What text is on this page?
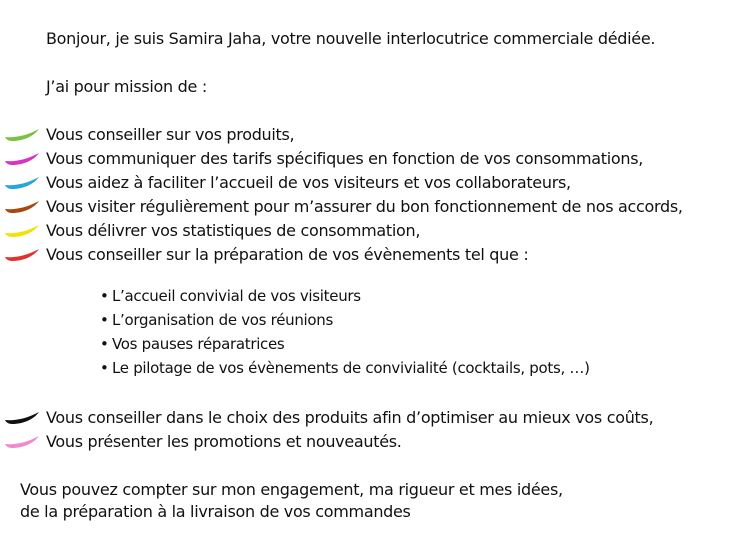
Bonjour, je suis Samira Jaha, votre nouvelle interlocutrice commerciale dédiée.
J’ai pour mission de :
Vous conseiller sur vos produits,
Vous communiquer des tarifs spécifiques en fonction de vos consommations,
Vous aidez à faciliter l’accueil de vos visiteurs et vos collaborateurs,
Vous visiter régulièrement pour m’assurer du bon fonctionnement de nos accords,
Vous délivrer vos statistiques de consommation,
Vous conseiller sur la préparation de vos évènements tel que :
• L’accueil convivial de vos visiteurs
• L’organisation de vos réunions
• Vos pauses réparatrices
• Le pilotage de vos évènements de convivialité (cocktails, pots, …)
Vous conseiller dans le choix des produits afin d’optimiser au mieux vos coûts,
Vous présenter les promotions et nouveautés.
Vous pouvez compter sur mon engagement, ma rigueur et mes idées,
de la préparation à la livraison de vos commandes
